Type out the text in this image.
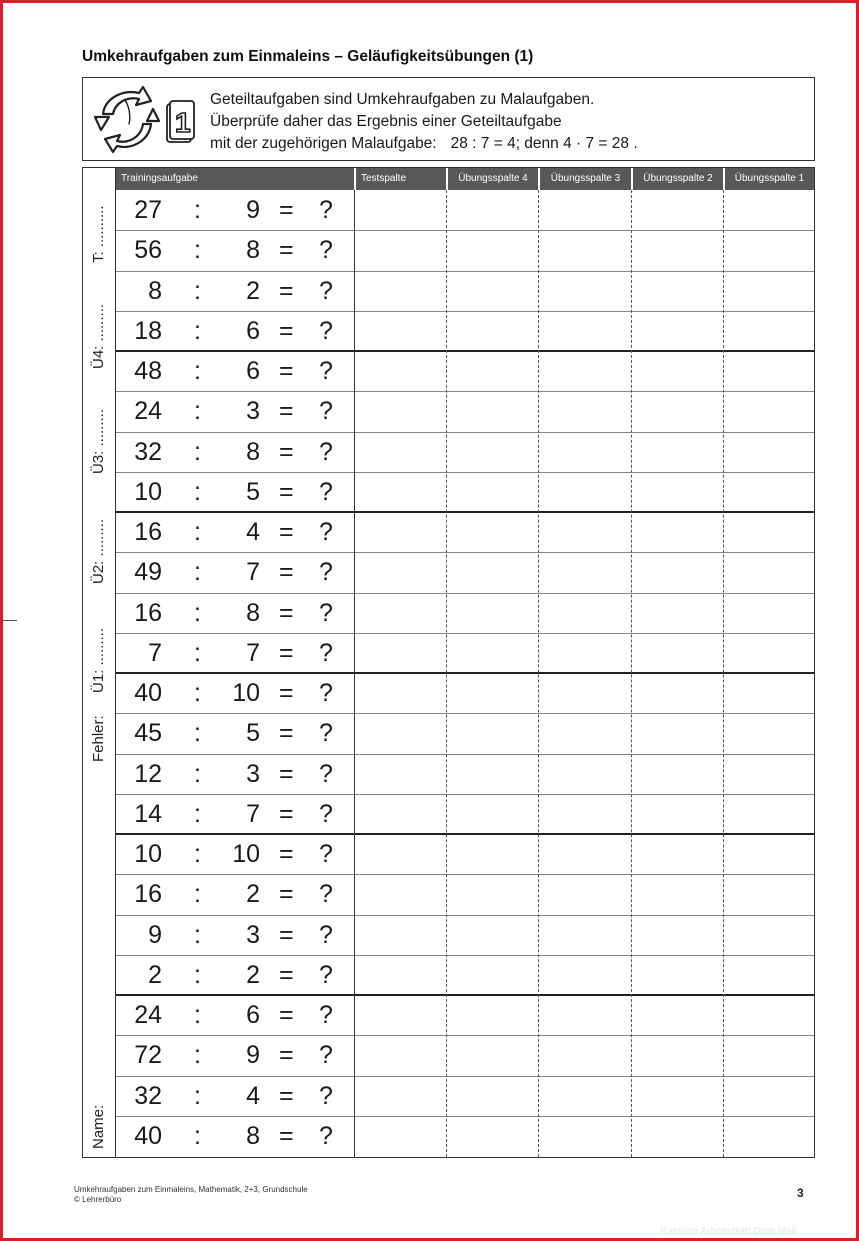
Umkehraufgaben zum Einmaleins – Geläufigkeitsübungen (1)
1
Geteiltaufgaben sind Umkehraufgaben zu Malaufgaben.
Überprüfe daher das Ergebnis einer Geteiltaufgabe
mit der zugehörigen Malaufgabe: 28 : 7 = 4; denn 4 · 7 = 28 .
Name:
Fehler:
Ü1: .........
Ü2: .........
Ü3: .........
Ü4: .........
T: ..........
Trainingsaufgabe	Testspalte	Übungsspalte 4	Übungsspalte 3	Übungsspalte 2	Übungsspalte 1
27 : 9 = ?
56 : 8 = ?
8 : 2 = ?
18 : 6 = ?
48 : 6 = ?
24 : 3 = ?
32 : 8 = ?
10 : 5 = ?
16 : 4 = ?
49 : 7 = ?
16 : 8 = ?
7 : 7 = ?
40 : 10 = ?
45 : 5 = ?
12 : 3 = ?
14 : 7 = ?
10 : 10 = ?
16 : 2 = ?
9 : 3 = ?
2 : 2 = ?
24 : 6 = ?
72 : 9 = ?
32 : 4 = ?
40 : 8 = ?
Umkehraufgaben zum Einmaleins, Mathematik, 2+3, Grundschule
© Lehrerbüro	3
Rassiste Arbeitsblatt Dreh Mali
